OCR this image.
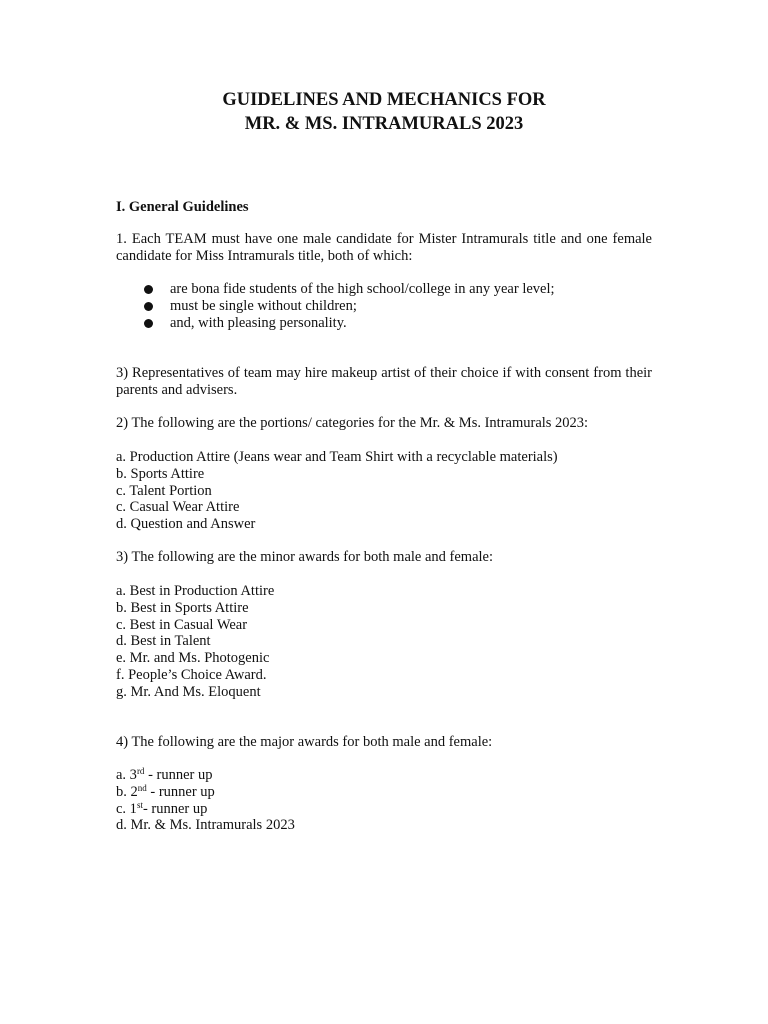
GUIDELINES AND MECHANICS FOR
MR. & MS. INTRAMURALS 2023
I. General Guidelines
1. Each TEAM must have one male candidate for Mister Intramurals title and one female candidate for Miss Intramurals title, both of which:
are bona fide students of the high school/college in any year level;
must be single without children;
and, with pleasing personality.
3) Representatives of team may hire makeup artist of their choice if with consent from their parents and advisers.
2) The following are the portions/ categories for the Mr. & Ms. Intramurals 2023:
a. Production Attire (Jeans wear and Team Shirt with a recyclable materials)
b. Sports Attire
c. Talent Portion
c. Casual Wear Attire
d. Question and Answer
3) The following are the minor awards for both male and female:
a. Best in Production Attire
b. Best in Sports Attire
c. Best in Casual Wear
d. Best in Talent
e. Mr. and Ms. Photogenic
f. People’s Choice Award.
g. Mr. And Ms. Eloquent
4) The following are the major awards for both male and female:
a. 3rd - runner up
b. 2nd - runner up
c. 1st- runner up
d. Mr. & Ms. Intramurals 2023
